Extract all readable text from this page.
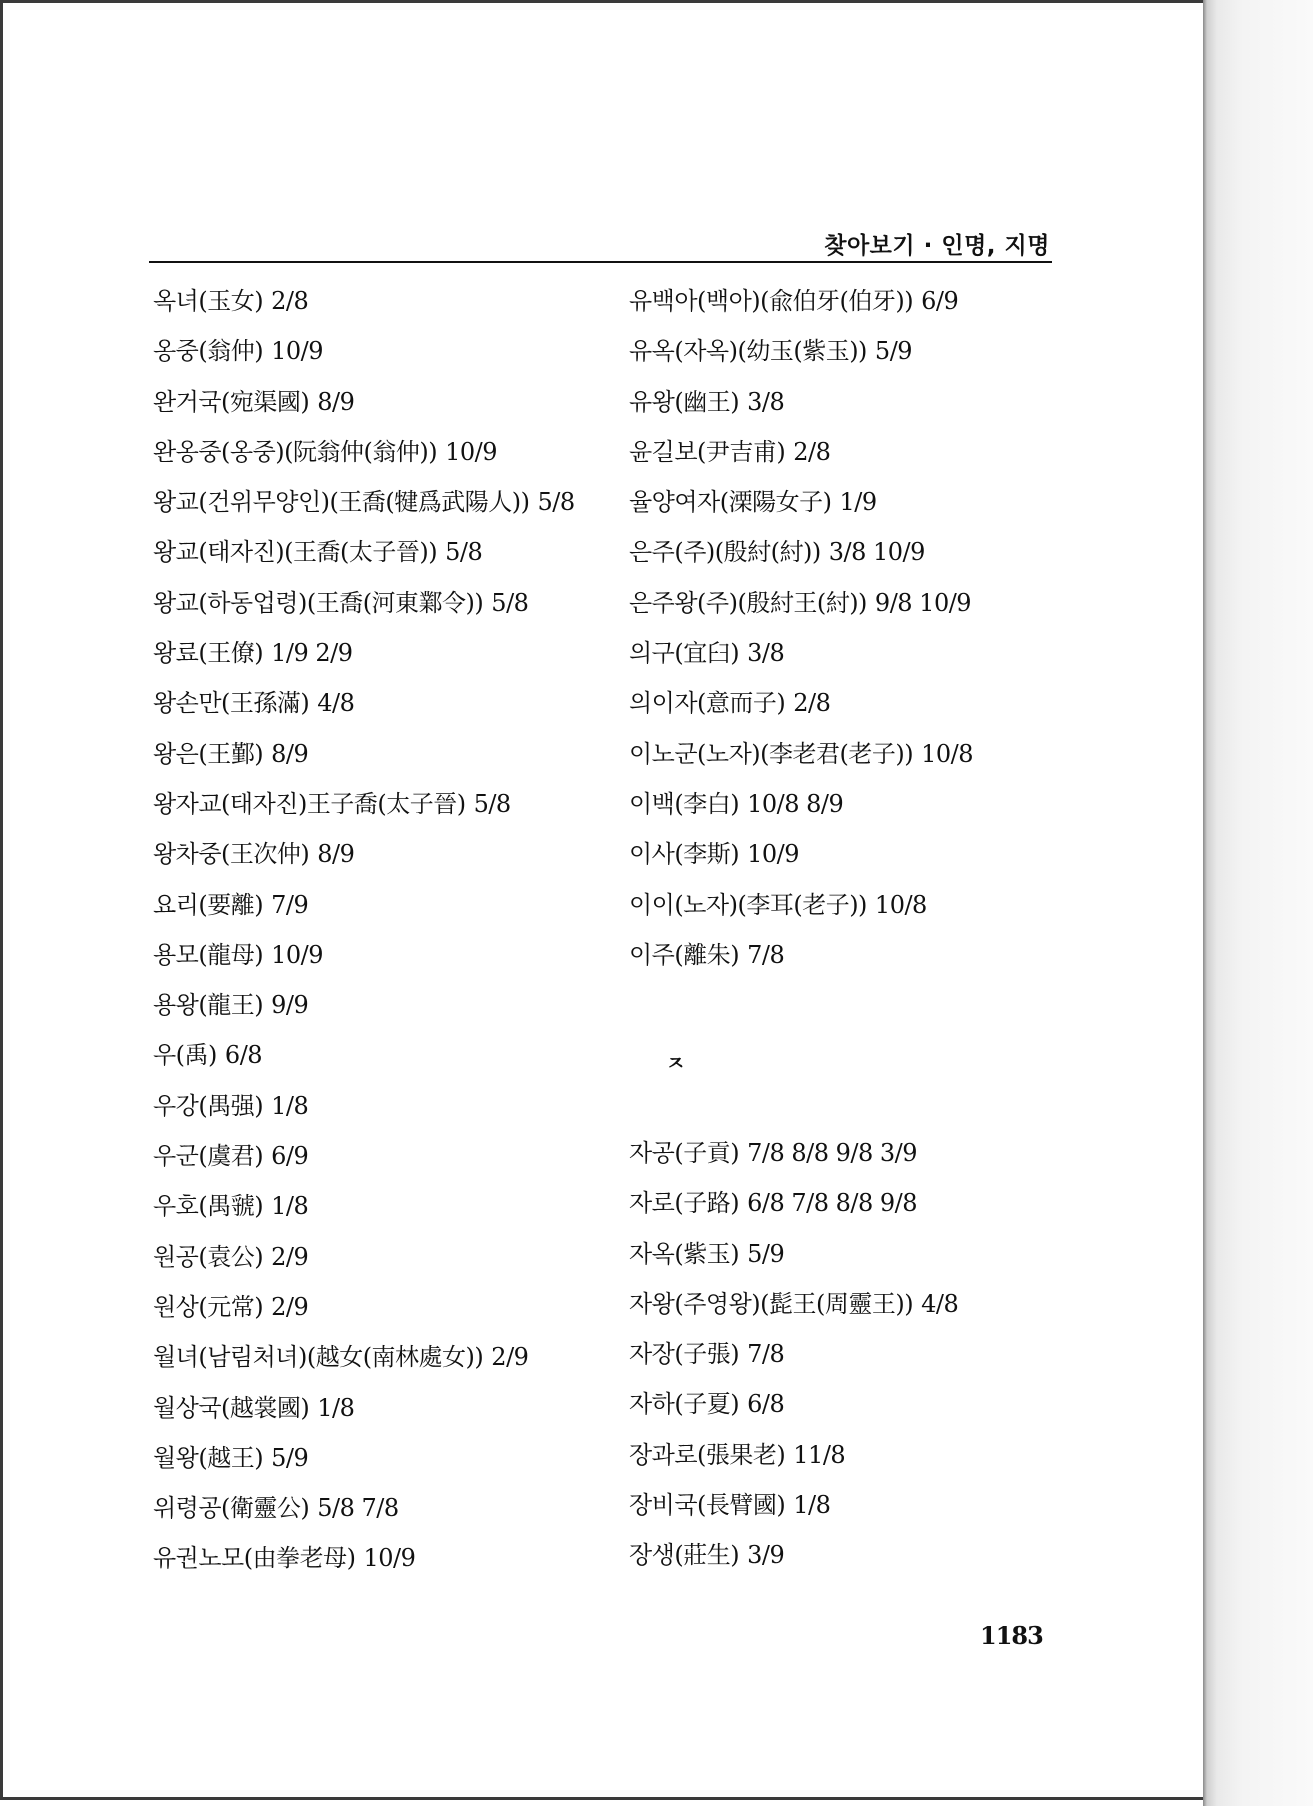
찾아보기 · 인명, 지명
옥녀(玉女) 2/8
옹중(翁仲) 10/9
완거국(宛渠國) 8/9
완옹중(옹중)(阮翁仲(翁仲)) 10/9
왕교(건위무양인)(王喬(犍爲武陽人)) 5/8
왕교(태자진)(王喬(太子晉)) 5/8
왕교(하동업령)(王喬(河東鄴令)) 5/8
왕료(王僚) 1/9 2/9
왕손만(王孫滿) 4/8
왕은(王鄞) 8/9
왕자교(태자진)王子喬(太子晉) 5/8
왕차중(王次仲) 8/9
요리(要離) 7/9
용모(龍母) 10/9
용왕(龍王) 9/9
우(禹) 6/8
우강(禺强) 1/8
우군(虞君) 6/9
우호(禺虢) 1/8
원공(袁公) 2/9
원상(元常) 2/9
월녀(남림처녀)(越女(南林處女)) 2/9
월상국(越裳國) 1/8
월왕(越王) 5/9
위령공(衛靈公) 5/8 7/8
유권노모(由拳老母) 10/9
유백아(백아)(兪伯牙(伯牙)) 6/9
유옥(자옥)(幼玉(紫玉)) 5/9
유왕(幽王) 3/8
윤길보(尹吉甫) 2/8
율양여자(溧陽女子) 1/9
은주(주)(殷紂(紂)) 3/8 10/9
은주왕(주)(殷紂王(紂)) 9/8 10/9
의구(宜臼) 3/8
의이자(意而子) 2/8
이노군(노자)(李老君(老子)) 10/8
이백(李白) 10/8 8/9
이사(李斯) 10/9
이이(노자)(李耳(老子)) 10/8
이주(離朱) 7/8
ㅈ
자공(子貢) 7/8 8/8 9/8 3/9
자로(子路) 6/8 7/8 8/8 9/8
자옥(紫玉) 5/9
자왕(주영왕)(髭王(周靈王)) 4/8
자장(子張) 7/8
자하(子夏) 6/8
장과로(張果老) 11/8
장비국(長臂國) 1/8
장생(莊生) 3/9
1183
